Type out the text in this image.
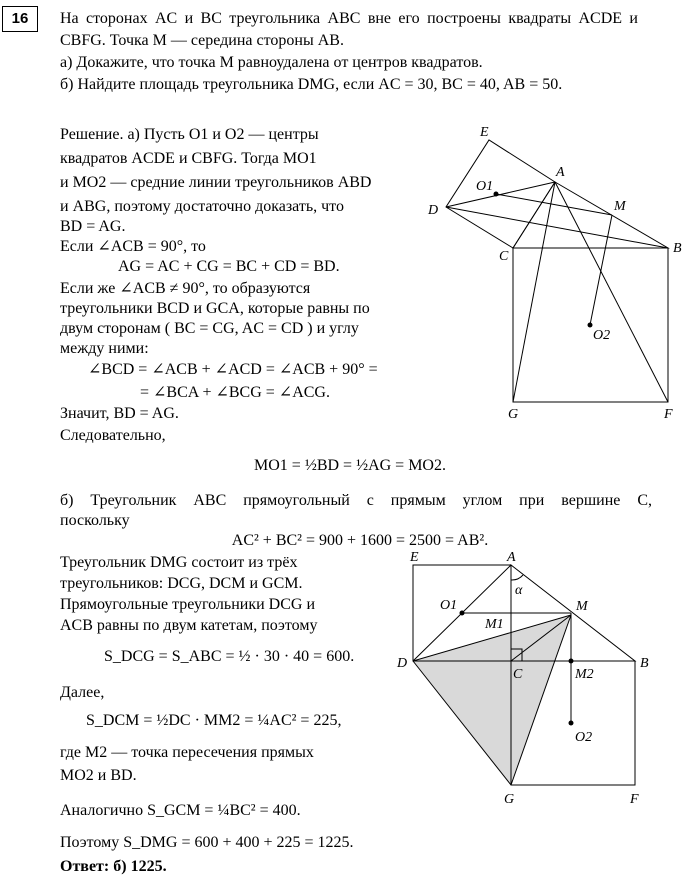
16	На сторонах AC и BC треугольника ABC вне его построены квадраты ACDE и
CBFG. Точка M — середина стороны AB.
а) Докажите, что точка M равноудалена от центров квадратов.
б) Найдите площадь треугольника DMG, если AC = 30, BC = 40, AB = 50.
Решение. а) Пусть O1 и O2 — центры
квадратов ACDE и CBFG. Тогда MO1
и MO2 — средние линии треугольников ABD
и ABG, поэтому достаточно доказать, что
BD = AG.
Если ∠ACB = 90°, то
AG = AC + CG = BC + CD = BD.
Если же ∠ACB ≠ 90°, то образуются
треугольники BCD и GCA, которые равны по
двум сторонам ( BC = CG, AC = CD ) и углу
между ними:
∠BCD = ∠ACB + ∠ACD = ∠ACB + 90° =
= ∠BCA + ∠BCG = ∠ACG.
Значит, BD = AG.
Следовательно,
MO1 = ½BD = ½AG = MO2.
б) Треугольник ABC прямоугольный с прямым углом при вершине C,
поскольку
AC² + BC² = 900 + 1600 = 2500 = AB².
Треугольник DMG состоит из трёх
треугольников: DCG, DCM и GCM.
Прямоугольные треугольники DCG и
ACB равны по двум катетам, поэтому
S_DCG = S_ABC = ½ · 30 · 40 = 600.
Далее,
S_DCM = ½DC · MM2 = ¼AC² = 225,
где M2 — точка пересечения прямых
MO2 и BD.
Аналогично S_GCM = ¼BC² = 400.
Поэтому S_DMG = 600 + 400 + 225 = 1225.
Ответ: б) 1225.
E
A
O1
M
D
C
B
O2
G	F
E	A
α
O1	M
M1
D
C	M2
B
O2
G	F
